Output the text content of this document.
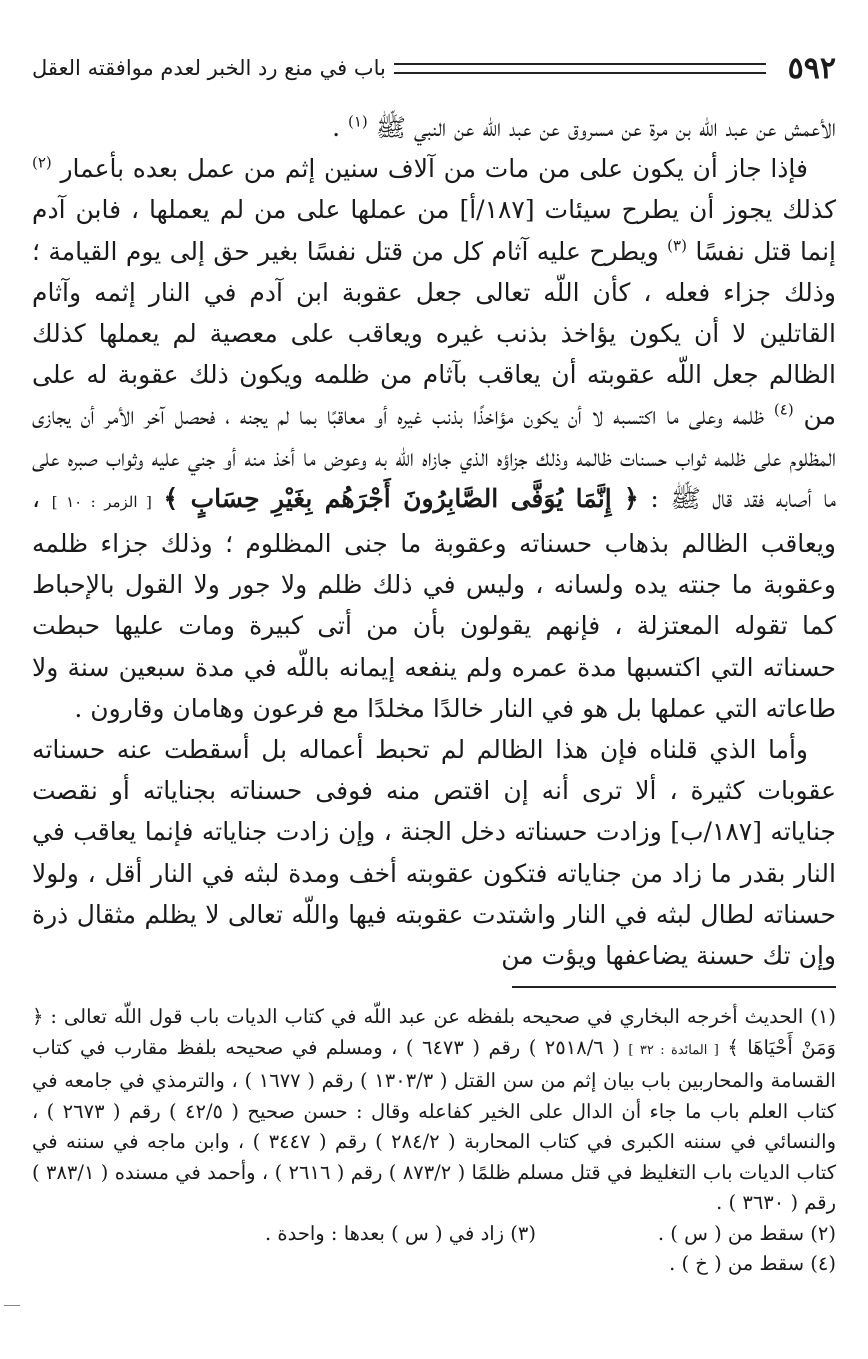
٥٩٢
باب في منع رد الخبر لعدم موافقته العقل

الأعمش عن عبد اللّه بن مرة عن مسروق عن عبد اللّه عن النبي ﷺ $^{(١)}$ .

فإذا جاز أن يكون على من مات من آلاف سنين إثم من عمل بعده بأعمار $^{(٢)}$ كذلك يجوز أن يطرح سيئات [١٨٧/أ] من عملها على من لم يعملها ، فابن آدم إنما قتل نفسًا $^{(٣)}$ ويطرح عليه آثام كل من قتل نفسًا بغير حق إلى يوم القيامة ؛ وذلك جزاء فعله ، كأن اللّه تعالى جعل عقوبة ابن آدم في النار إثمه وآثام القاتلين لا أن يكون يؤاخذ بذنب غيره ويعاقب على معصية لم يعملها كذلك الظالم جعل اللّه عقوبته أن يعاقب بآثام من ظلمه ويكون ذلك عقوبة له على من $^{(٤)}$ ظلمه وعلى ما اكتسبه لا أن يكون مؤاخذًا بذنب غيره أو معاقبًا بما لم يجنه ، فحصل آخر الأمر أن يجازى المظلوم على ظلمه ثواب حسنات ظالمه وذلك جزاؤه الذي جازاه اللّه به وعوض ما أخذ منه أو جني عليه وثواب صبره على ما أصابه فقد قال ﷺ : ﴿ إِنَّمَا يُوَفَّى الصَّابِرُونَ أَجْرَهُم بِغَيْرِ حِسَابٍ ﴾ [ الزمر : ١٠ ] ، ويعاقب الظالم بذهاب حسناته وعقوبة ما جنى المظلوم ؛ وذلك جزاء ظلمه وعقوبة ما جنته يده ولسانه ، وليس في ذلك ظلم ولا جور ولا القول بالإحباط كما تقوله المعتزلة ، فإنهم يقولون بأن من أتى كبيرة ومات عليها حبطت حسناته التي اكتسبها مدة عمره ولم ينفعه إيمانه باللّه في مدة سبعين سنة ولا طاعاته التي عملها بل هو في النار خالدًا مخلدًا مع فرعون وهامان وقارون .

وأما الذي قلناه فإن هذا الظالم لم تحبط أعماله بل أسقطت عنه حسناته عقوبات كثيرة ، ألا ترى أنه إن اقتص منه فوفى حسناته بجناياته أو نقصت جناياته [١٨٧/ب] وزادت حسناته دخل الجنة ، وإن زادت جناياته فإنما يعاقب في النار بقدر ما زاد من جناياته فتكون عقوبته أخف ومدة لبثه في النار أقل ، ولولا حسناته لطال لبثه في النار واشتدت عقوبته فيها واللّه تعالى لا يظلم مثقال ذرة وإن تك حسنة يضاعفها ويؤت من

(١) الحديث أخرجه البخاري في صحيحه بلفظه عن عبد اللّه في كتاب الديات باب قول اللّه تعالى : ﴿ وَمَنْ أَحْيَاهَا ﴾ [ المائدة : ٣٢ ] ( ٢٥١٨/٦ ) رقم ( ٦٤٧٣ ) ، ومسلم في صحيحه بلفظ مقارب في كتاب القسامة والمحاربين باب بيان إثم من سن القتل ( ١٣٠٣/٣ ) رقم ( ١٦٧٧ ) ، والترمذي في جامعه في كتاب العلم باب ما جاء أن الدال على الخير كفاعله وقال : حسن صحيح ( ٤٢/٥ ) رقم ( ٢٦٧٣ ) ، والنسائي في سننه الكبرى في كتاب المحاربة ( ٢٨٤/٢ ) رقم ( ٣٤٤٧ ) ، وابن ماجه في سننه في كتاب الديات باب التغليظ في قتل مسلم ظلمًا ( ٨٧٣/٢ ) رقم ( ٢٦١٦ ) ، وأحمد في مسنده ( ٣٨٣/١ ) رقم ( ٣٦٣٠ ) .

(٢) سقط من ( س ) .
(٣) زاد في ( س ) بعدها : واحدة .

(٤) سقط من ( خ ) .
